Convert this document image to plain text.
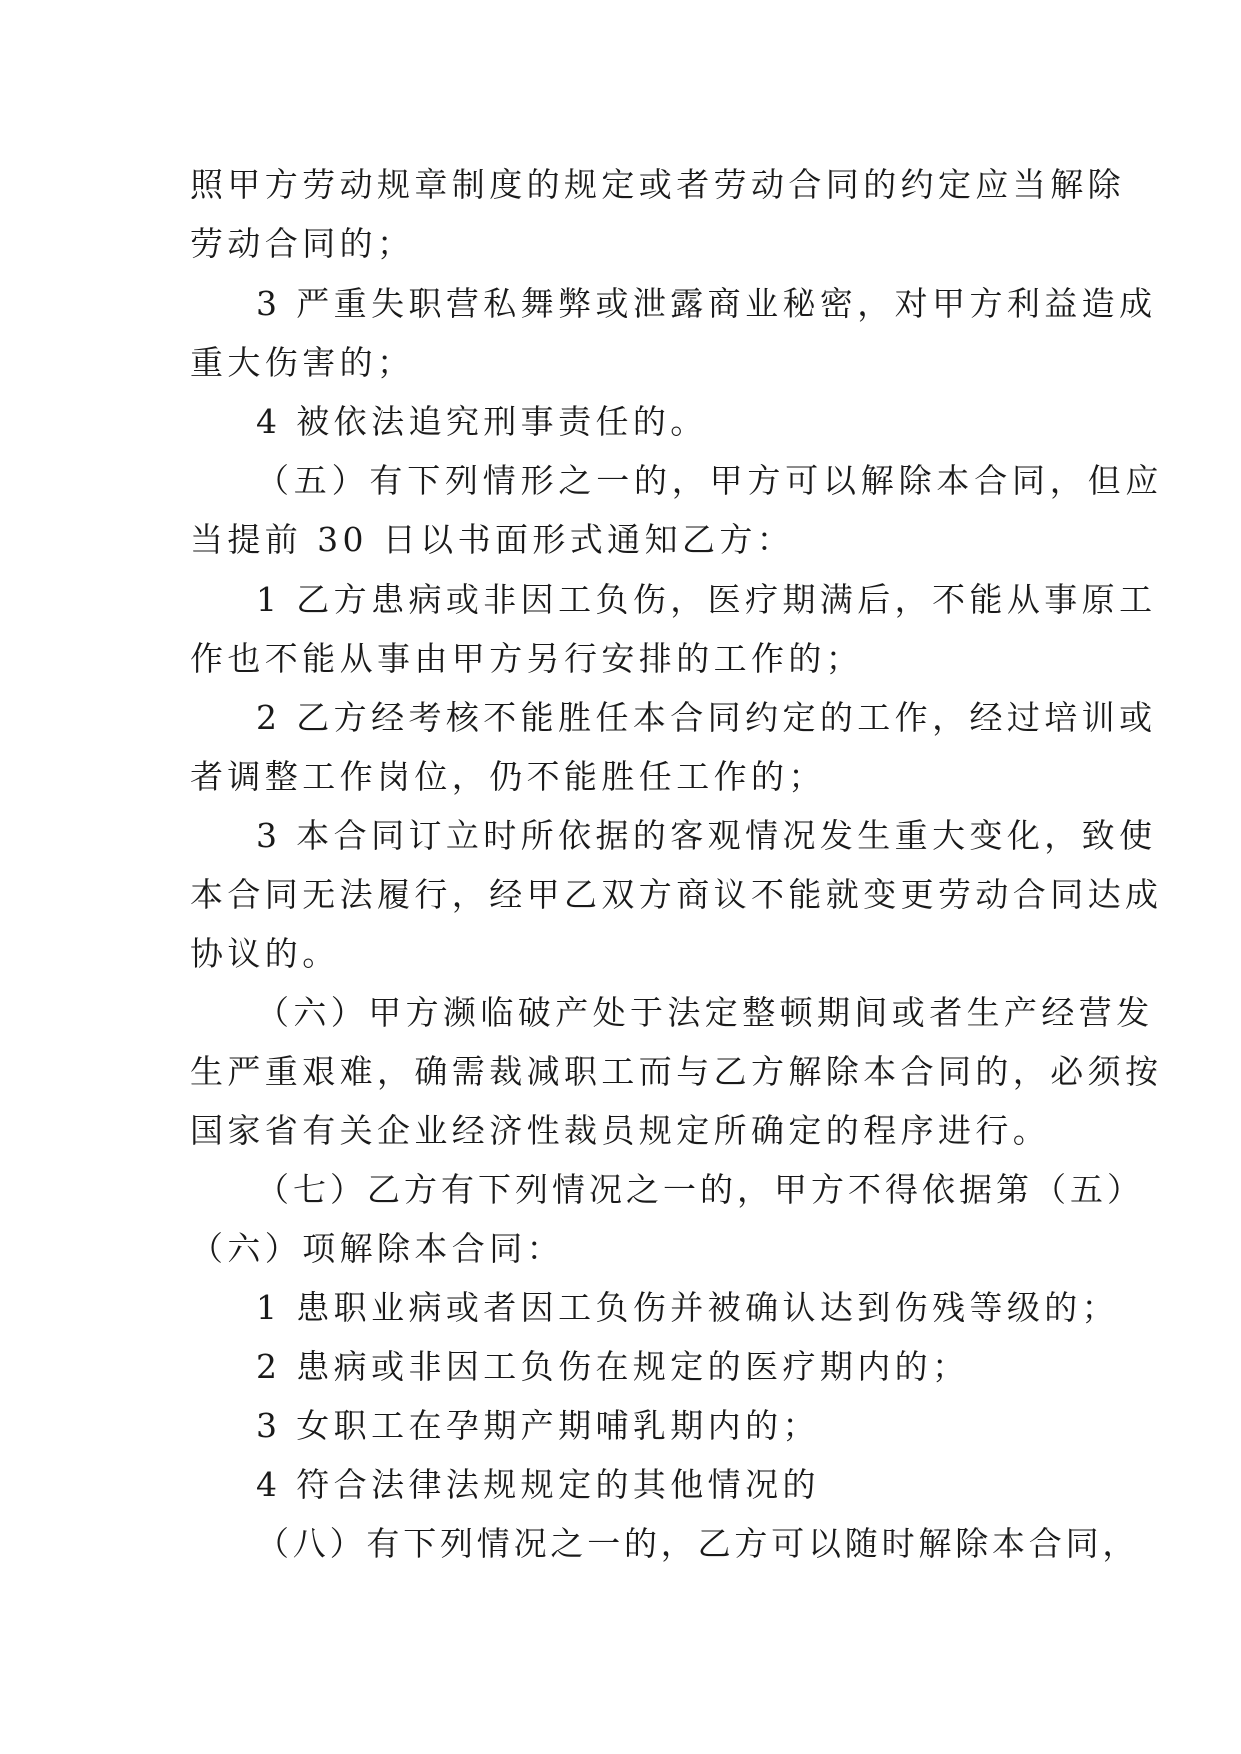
照甲方劳动规章制度的规定或者劳动合同的约定应当解除
劳动合同的；
3 严重失职营私舞弊或泄露商业秘密，对甲方利益造成
重大伤害的；
4 被依法追究刑事责任的。
（五）有下列情形之一的，甲方可以解除本合同，但应
当提前 30 日以书面形式通知乙方：
1 乙方患病或非因工负伤，医疗期满后，不能从事原工
作也不能从事由甲方另行安排的工作的；
2 乙方经考核不能胜任本合同约定的工作，经过培训或
者调整工作岗位，仍不能胜任工作的；
3 本合同订立时所依据的客观情况发生重大变化，致使
本合同无法履行，经甲乙双方商议不能就变更劳动合同达成
协议的。
（六）甲方濒临破产处于法定整顿期间或者生产经营发
生严重艰难，确需裁减职工而与乙方解除本合同的，必须按
国家省有关企业经济性裁员规定所确定的程序进行。
（七）乙方有下列情况之一的，甲方不得依据第（五）
（六）项解除本合同：
1 患职业病或者因工负伤并被确认达到伤残等级的；
2 患病或非因工负伤在规定的医疗期内的；
3 女职工在孕期产期哺乳期内的；
4 符合法律法规规定的其他情况的
（八）有下列情况之一的，乙方可以随时解除本合同，
